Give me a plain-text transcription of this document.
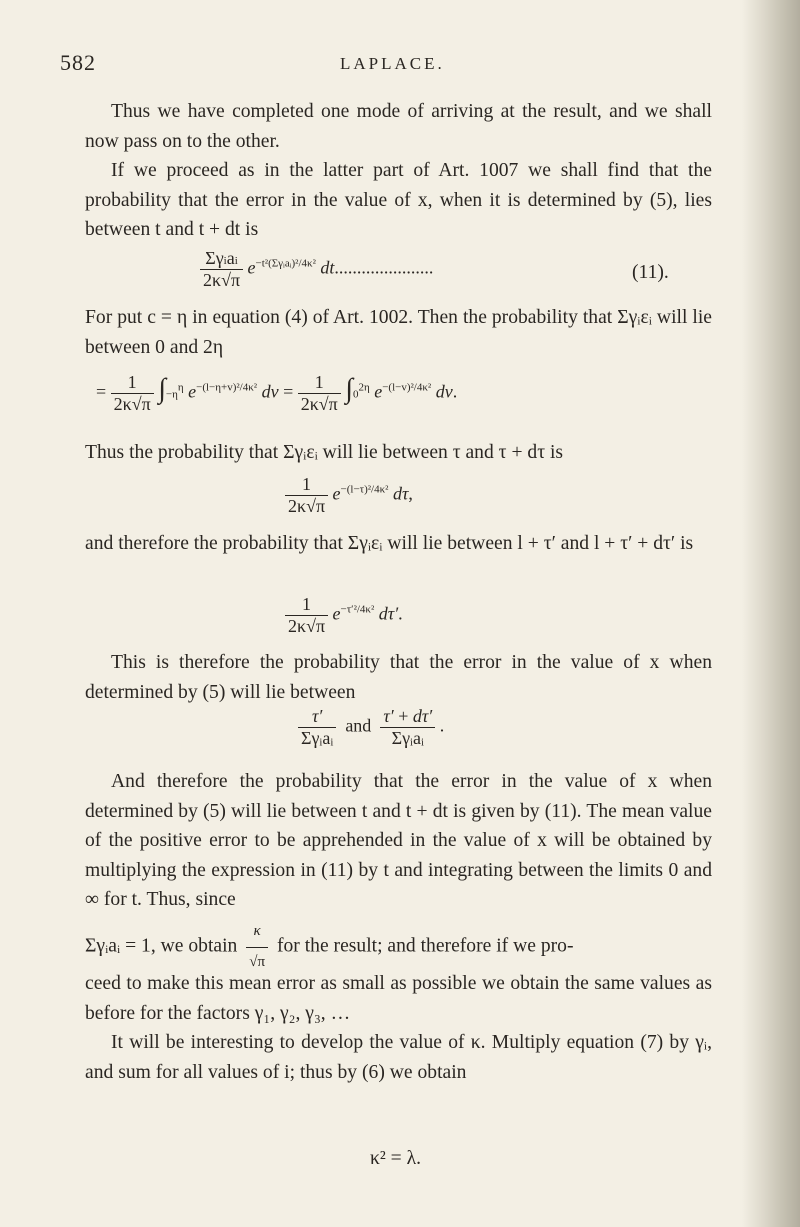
582	LAPLACE.

Thus we have completed one mode of arriving at the result, and we shall now pass on to the other.

If we proceed as in the latter part of Art. 1007 we shall find that the probability that the error in the value of x, when it is determined by (5), lies between t and t + dt is

$\frac{\text{Σγiai}}{2\kappa√\pi} e^{-t^2(\Sigma\gamma ᵢaᵢ)^2/4\kappa^2}$ dt......................	(11).

For put c = η in equation (4) of Art. 1002. Then the probability that Σγᵢεᵢ will lie between 0 and 2η

= $\frac{1}{2\kappa√\pi} \int-\eta^\eta$ $e^{-(l-\eta+v)^2/4\kappa^2}$ dv = $\frac{1}{2\kappa√\pi} \int 0^{2\eta}$ $e^{-(l-v)^2/4\kappa^2}$ dv.

Thus the probability that Σγᵢεᵢ will lie between τ and τ + dτ is

$\frac{1}{2\kappa√\pi} e^{-(l-\tau)^2/4\kappa^2}$ dτ,

and therefore the probability that Σγᵢεᵢ will lie between l + τ′ and l + τ′ + dτ′ is

$\frac{1}{2\kappa√\pi} e^{-\tau'^2/4\kappa^2}$ dτ′.

This is therefore the probability that the error in the value of x when determined by (5) will lie between

$\frac{\tau'}{\text{Σγᵢaᵢ}}$ and $\frac{\tau' + d\tau'}{\text{Σγᵢaᵢ}}$ .

And therefore the probability that the error in the value of x when determined by (5) will lie between t and t + dt is given by (11). The mean value of the positive error to be apprehended in the value of x will be obtained by multiplying the expression in (11) by t and integrating between the limits 0 and ∞ for t. Thus, since

Σγᵢaᵢ = 1, we obtain $\frac{\kappa}{√\pi}$ for the result; and therefore if we pro-

ceed to make this mean error as small as possible we obtain the same values as before for the factors γ₁, γ₂, γ₃, …

It will be interesting to develop the value of κ. Multiply equation (7) by γᵢ, and sum for all values of i; thus by (6) we obtain

κ² = λ.
